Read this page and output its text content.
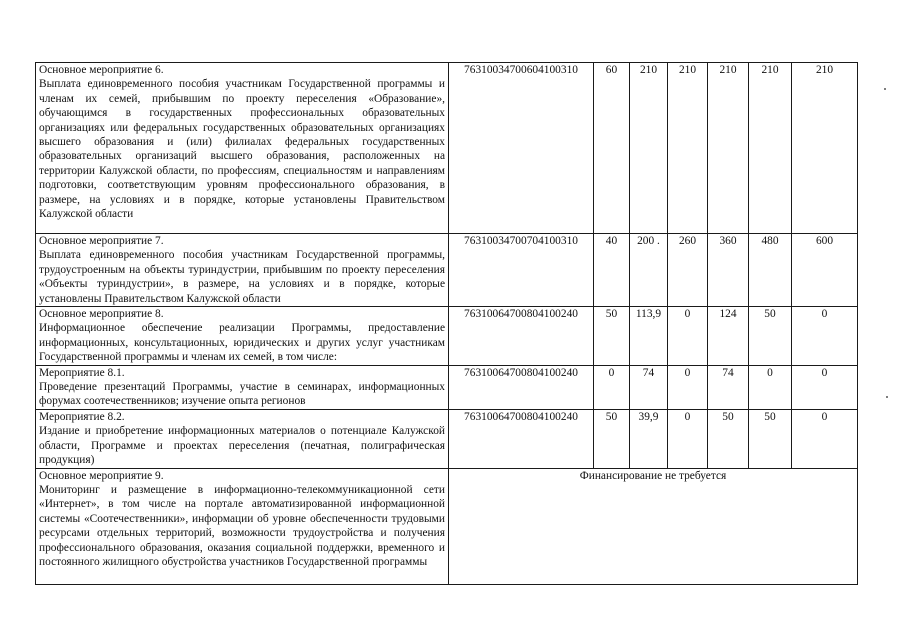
Основное мероприятие 6.
Выплата единовременного пособия участникам Государственной программы и членам их семей, прибывшим по проекту переселения «Образование», обучающимся в государственных профессиональных образовательных организациях или федеральных государственных образовательных организациях высшего образования и (или) филиалах федеральных государственных образовательных организаций высшего образования, расположенных на территории Калужской области, по профессиям, специальностям и направлениям подготовки, соответствующим уровням профессионального образования, в размере, на условиях и в порядке, которые установлены Правительством Калужской области	76310034700604100310	60	210	210	210	210	210

Основное мероприятие 7.
Выплата единовременного пособия участникам Государственной программы, трудоустроенным на объекты туриндустрии, прибывшим по проекту переселения «Объекты туриндустрии», в размере, на условиях и в порядке, которые установлены Правительством Калужской области	76310034700704100310	40	200 .	260	360	480	600

Основное мероприятие 8.
Информационное обеспечение реализации Программы, предоставление информационных, консультационных, юридических и других услуг участникам Государственной программы и членам их семей, в том числе:	76310064700804100240	50	113,9	0	124	50	0

Мероприятие 8.1.
Проведение презентаций Программы, участие в семинарах, информационных форумах соотечественников; изучение опыта регионов	76310064700804100240	0	74	0	74	0	0

Мероприятие 8.2.
Издание и приобретение информационных материалов о потенциале Калужской области, Программе и проектах переселения (печатная, полиграфическая продукция)	76310064700804100240	50	39,9	0	50	50	0

Основное мероприятие 9.
Мониторинг и размещение в информационно-телекоммуникационной сети «Интернет», в том числе на портале автоматизированной информационной системы «Соотечественники», информации об уровне обеспеченности трудовыми ресурсами отдельных территорий, возможности трудоустройства и получения профессионального образования, оказания социальной поддержки, временного и постоянного жилищного обустройства участников Государственной программы	Финансирование не требуется						
